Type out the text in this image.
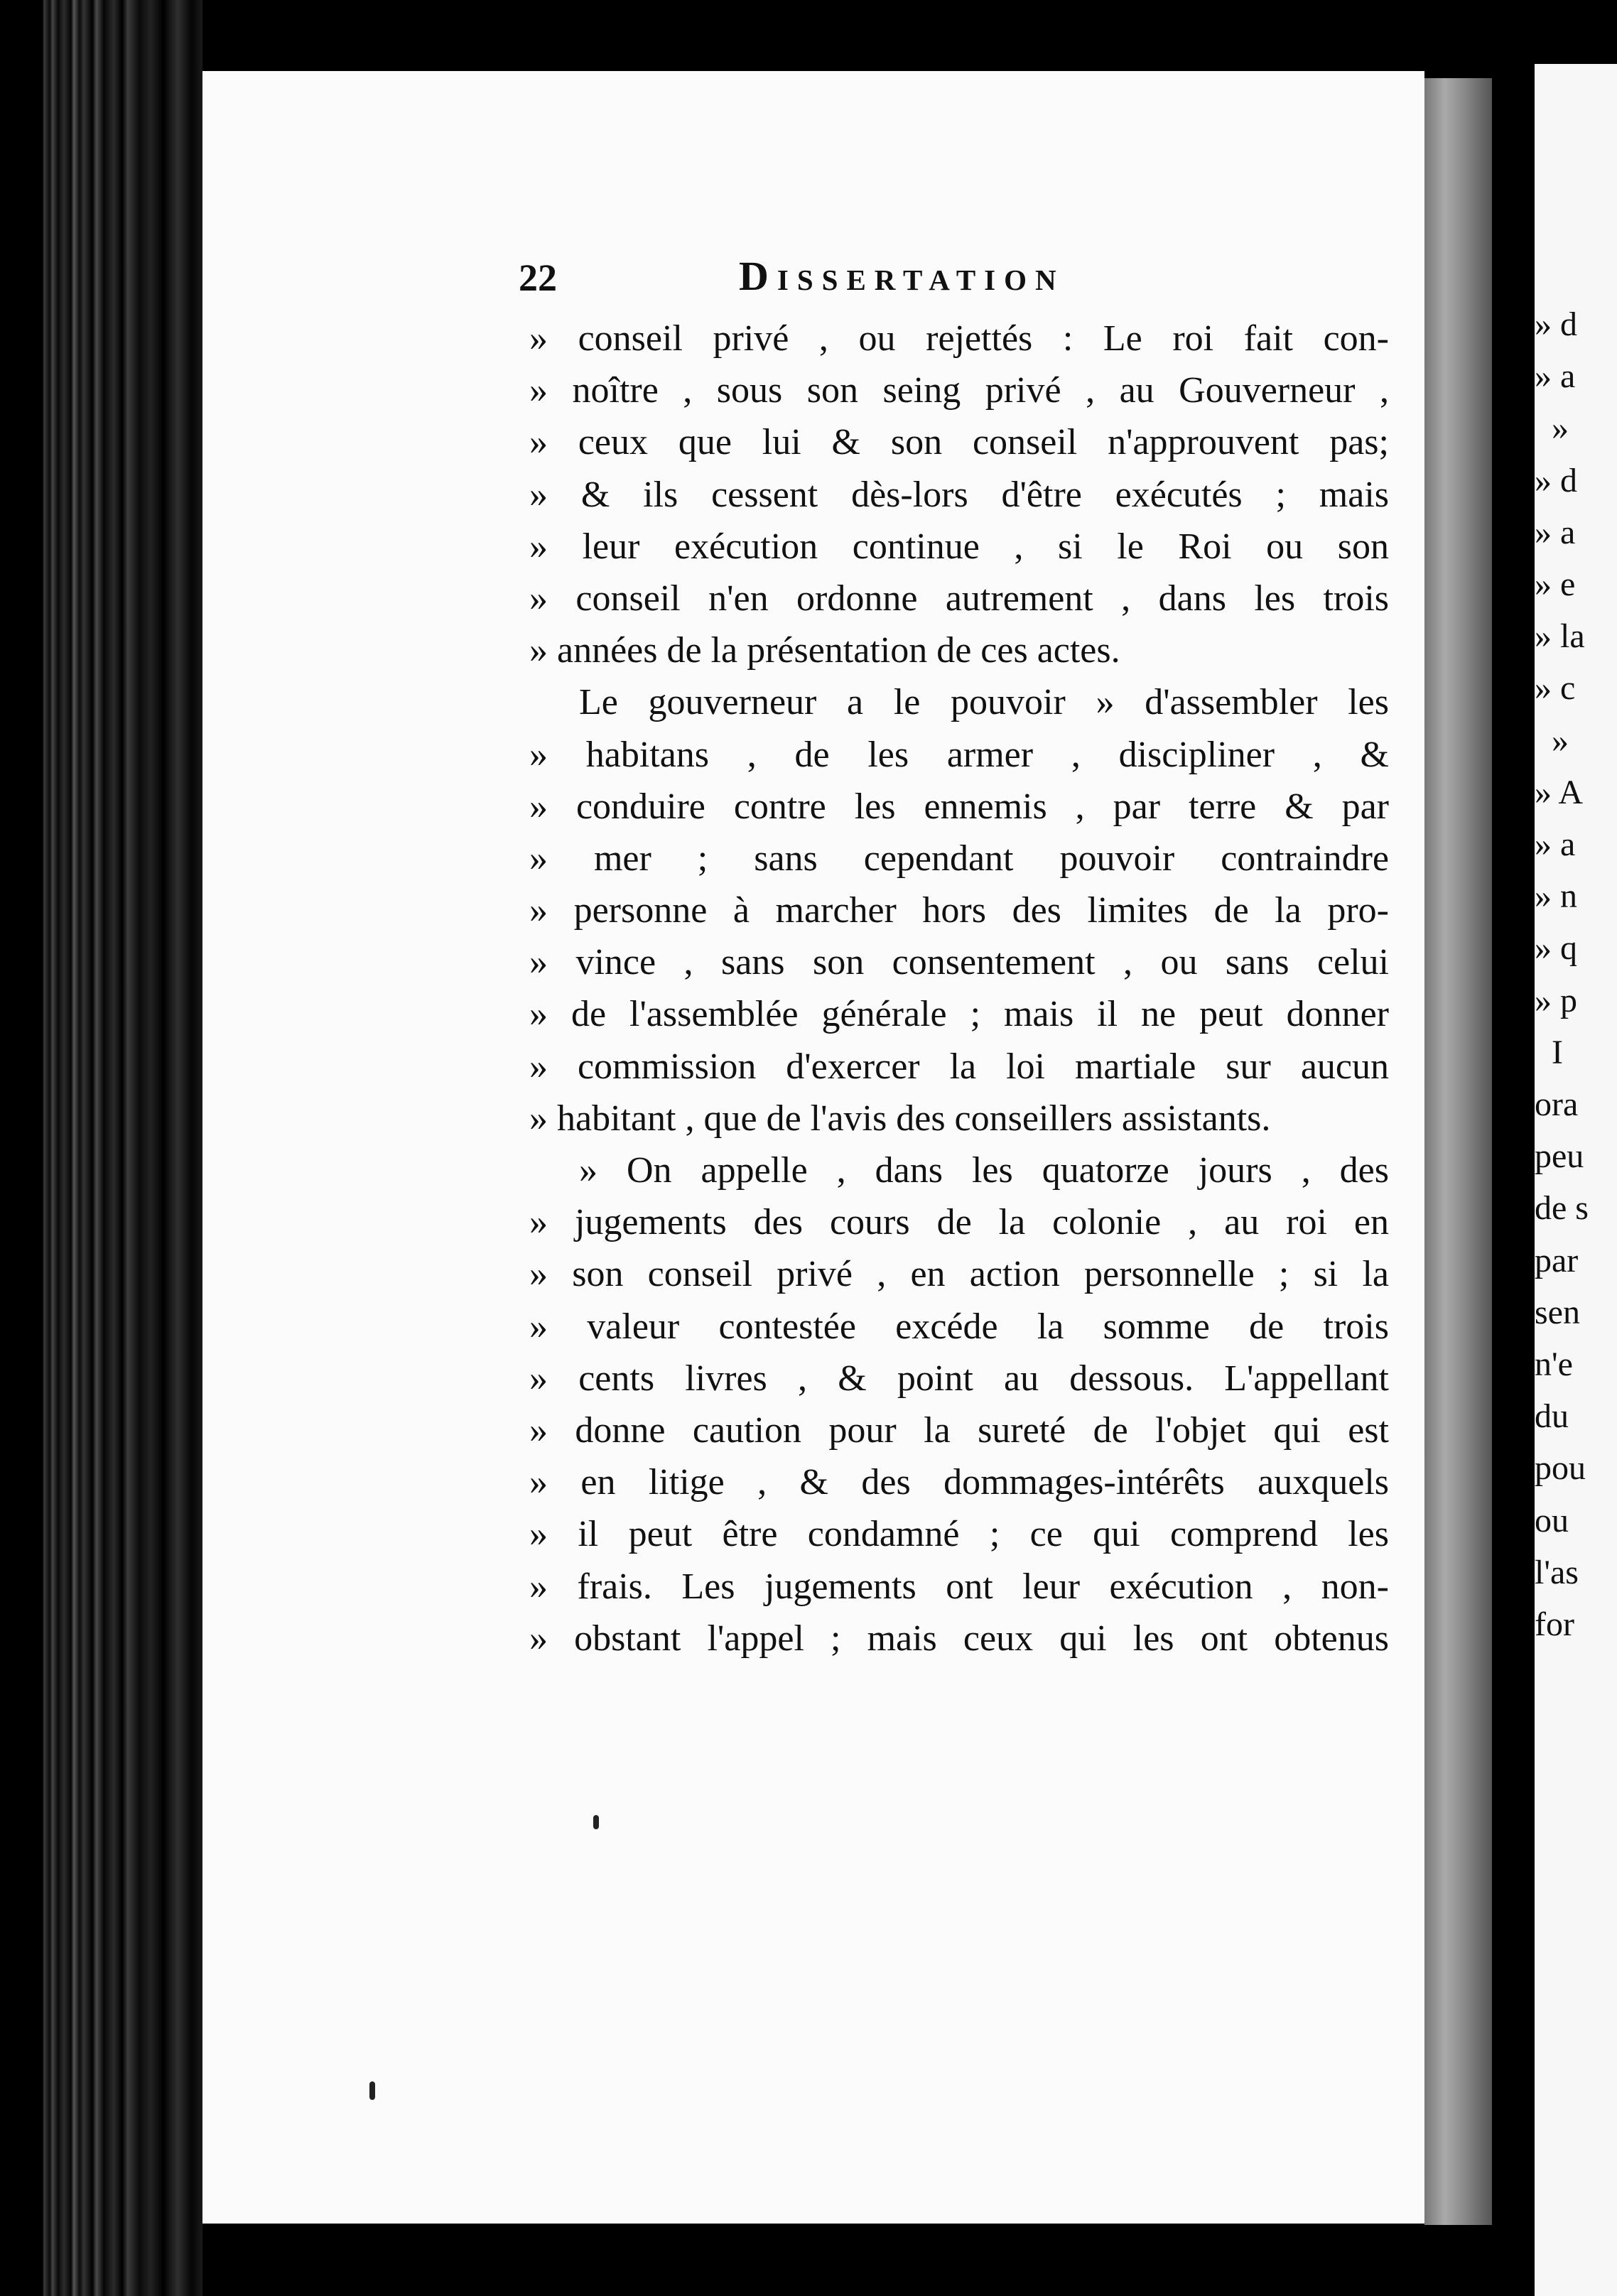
» d
» a
»
» d
» a
» e
» la
» c
»
» A
» a
» n
» q
» p
I
ora
peu
de s
par
sen
n'e
du
pou
ou
l'as
for
22	Dissertation
» conseil privé , ou rejettés : Le roi fait con-
» noître , sous son seing privé , au Gouverneur ,
» ceux que lui & son conseil n'approuvent pas;
» & ils cessent dès-lors d'être exécutés ; mais
» leur exécution continue , si le Roi ou son
» conseil n'en ordonne autrement , dans les trois
» années de la présentation de ces actes.
Le gouverneur a le pouvoir » d'assembler les
» habitans , de les armer , discipliner , &
» conduire contre les ennemis , par terre & par
» mer ; sans cependant pouvoir contraindre
» personne à marcher hors des limites de la pro-
» vince , sans son consentement , ou sans celui
» de l'assemblée générale ; mais il ne peut donner
» commission d'exercer la loi martiale sur aucun
» habitant , que de l'avis des conseillers assistants.
» On appelle , dans les quatorze jours , des
» jugements des cours de la colonie , au roi en
» son conseil privé , en action personnelle ; si la
» valeur contestée excéde la somme de trois
» cents livres , & point au dessous. L'appellant
» donne caution pour la sureté de l'objet qui est
» en litige , & des dommages-intérêts auxquels
» il peut être condamné ; ce qui comprend les
» frais. Les jugements ont leur exécution , non-
» obstant l'appel ; mais ceux qui les ont obtenus
